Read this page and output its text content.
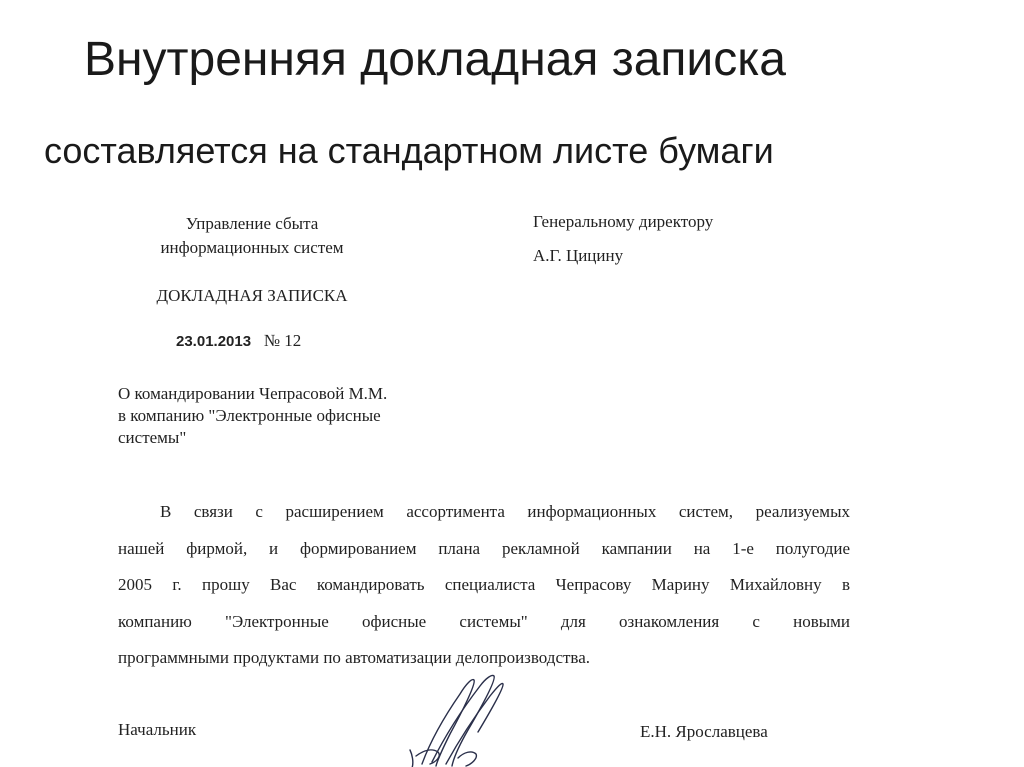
Внутренняя докладная записка
составляется на стандартном листе бумаги
Управление сбыта
информационных систем
Генеральному директору
А.Г. Цицину
ДОКЛАДНАЯ ЗАПИСКА
23.01.2013 № 12
О командировании Чепрасовой М.М.
в компанию "Электронные офисные
системы"
В связи с расширением ассортимента информационных систем, реализуемых
нашей фирмой, и формированием плана рекламной кампании на 1-е полугодие
2005 г. прошу Вас командировать специалиста Чепрасову Марину Михайловну в
компанию "Электронные офисные системы" для ознакомления с новыми
программными продуктами по автоматизации делопроизводства.
Начальник	Е.Н. Ярославцева
